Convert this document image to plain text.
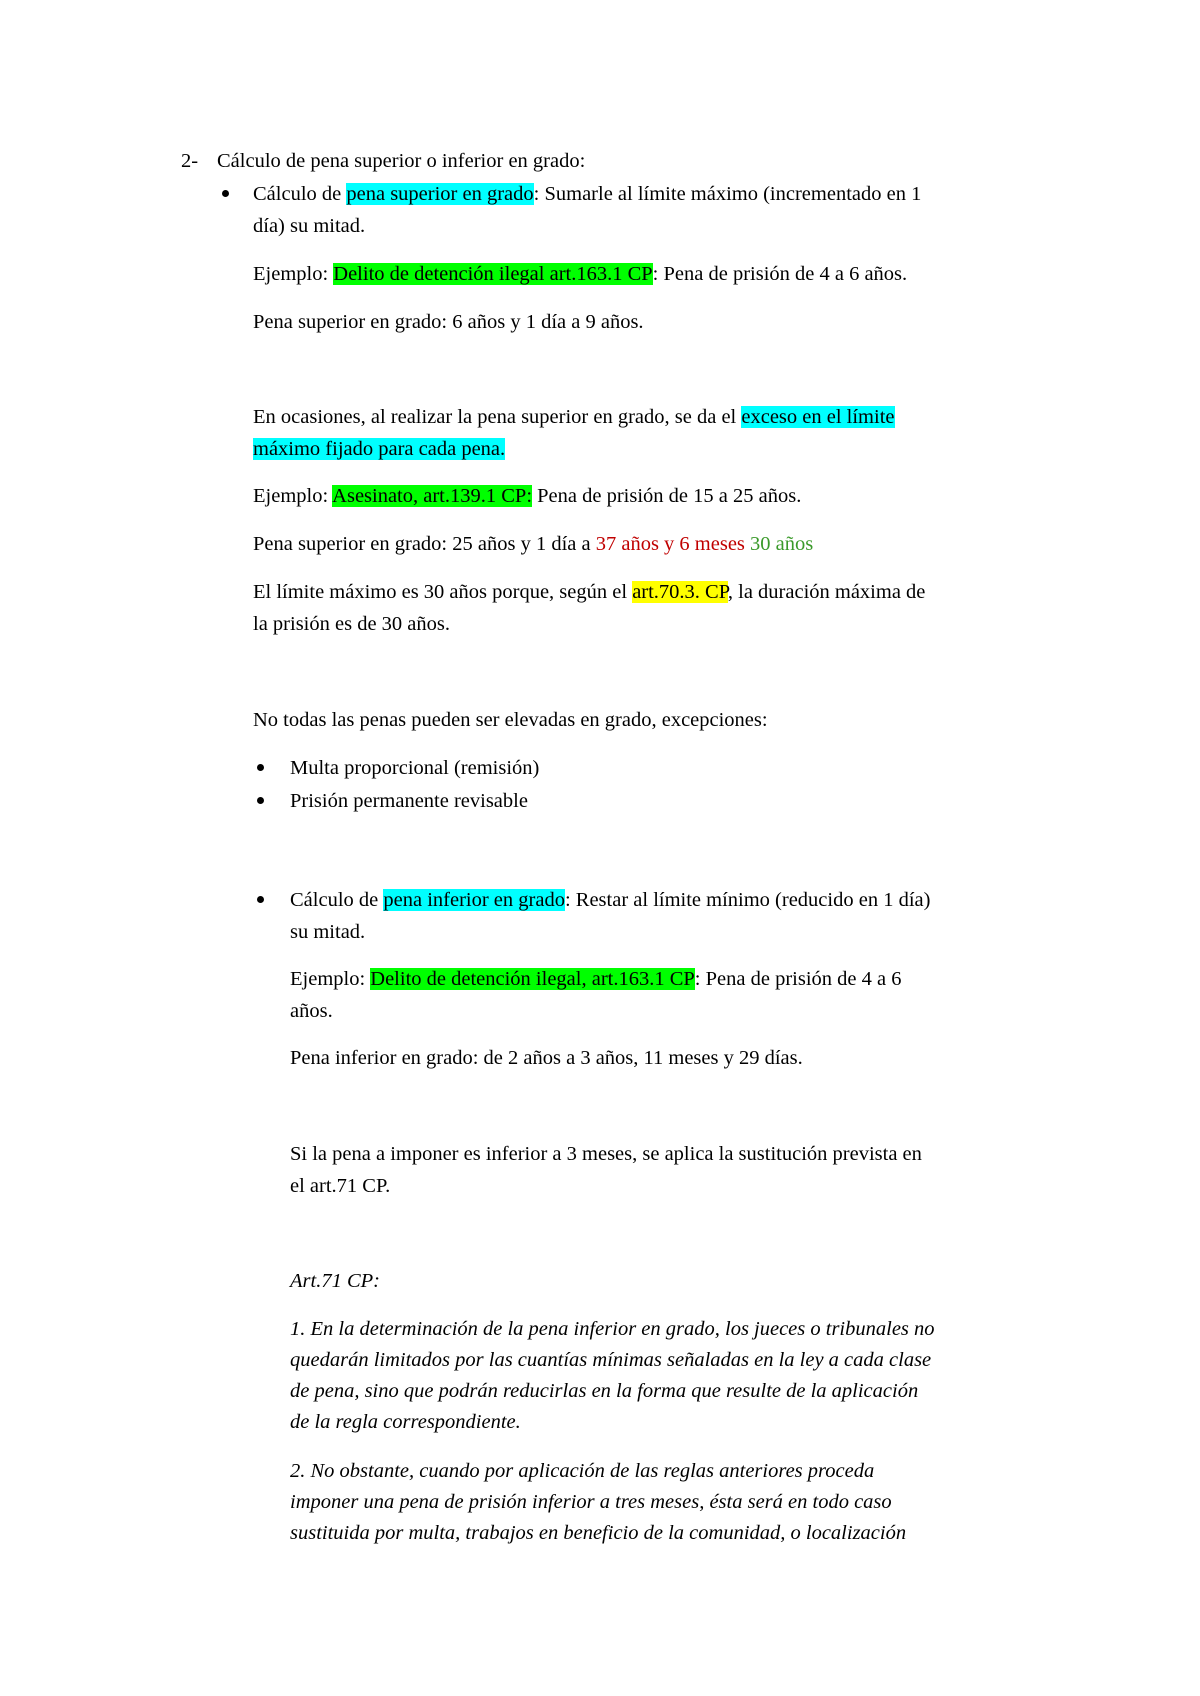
2- Cálculo de pena superior o inferior en grado:
Cálculo de pena superior en grado: Sumarle al límite máximo (incrementado en 1
día) su mitad.
Ejemplo: Delito de detención ilegal art.163.1 CP: Pena de prisión de 4 a 6 años.
Pena superior en grado: 6 años y 1 día a 9 años.
En ocasiones, al realizar la pena superior en grado, se da el exceso en el límite
máximo fijado para cada pena.
Ejemplo: Asesinato, art.139.1 CP: Pena de prisión de 15 a 25 años.
Pena superior en grado: 25 años y 1 día a 37 años y 6 meses 30 años
El límite máximo es 30 años porque, según el art.70.3. CP, la duración máxima de
la prisión es de 30 años.
No todas las penas pueden ser elevadas en grado, excepciones:
Multa proporcional (remisión)
Prisión permanente revisable
Cálculo de pena inferior en grado: Restar al límite mínimo (reducido en 1 día)
su mitad.
Ejemplo: Delito de detención ilegal, art.163.1 CP: Pena de prisión de 4 a 6
años.
Pena inferior en grado: de 2 años a 3 años, 11 meses y 29 días.
Si la pena a imponer es inferior a 3 meses, se aplica la sustitución prevista en
el art.71 CP.
Art.71 CP:
1. En la determinación de la pena inferior en grado, los jueces o tribunales no
quedarán limitados por las cuantías mínimas señaladas en la ley a cada clase
de pena, sino que podrán reducirlas en la forma que resulte de la aplicación
de la regla correspondiente.
2. No obstante, cuando por aplicación de las reglas anteriores proceda
imponer una pena de prisión inferior a tres meses, ésta será en todo caso
sustituida por multa, trabajos en beneficio de la comunidad, o localización
